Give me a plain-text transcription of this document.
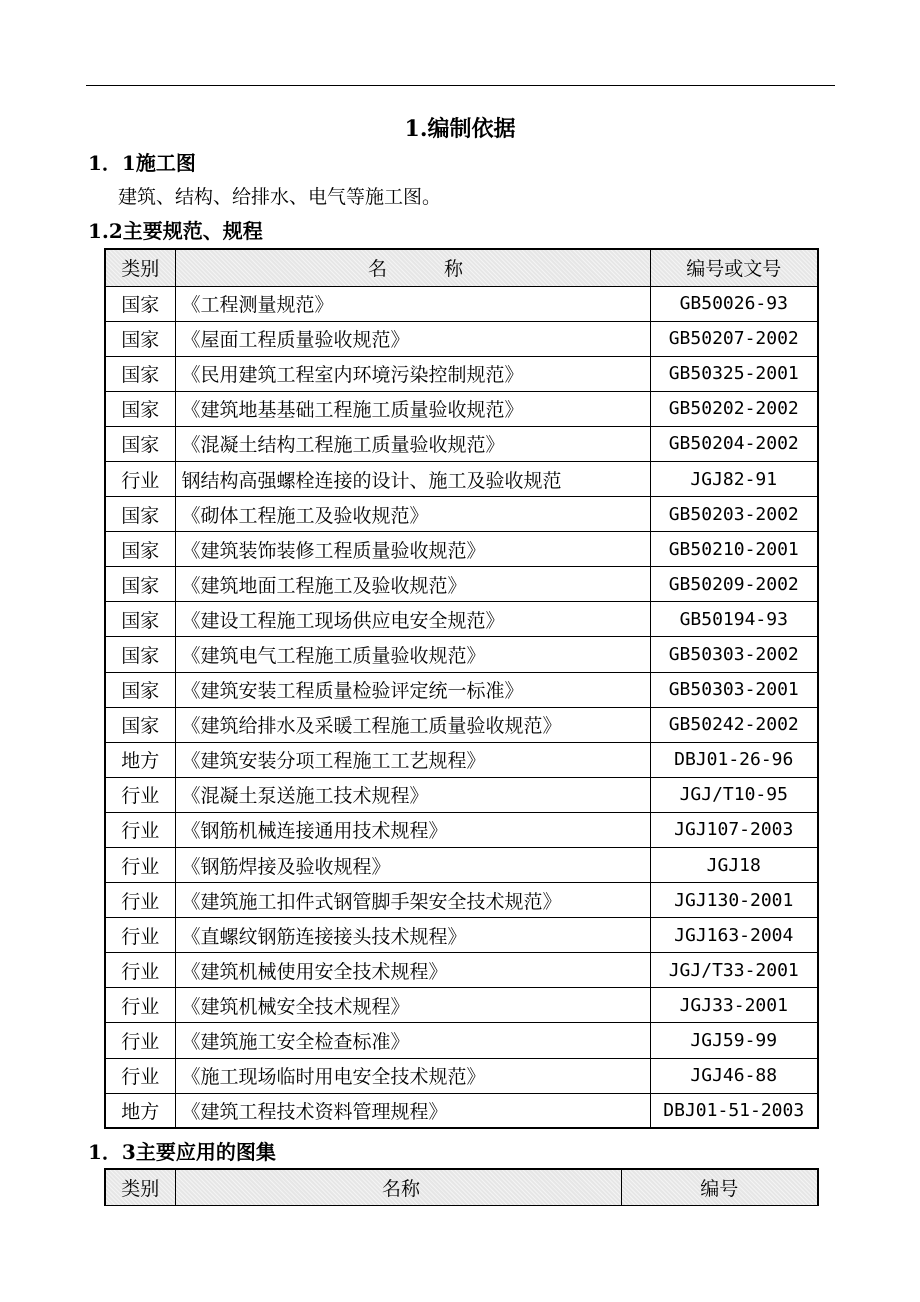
1.编制依据
1．1施工图
建筑、结构、给排水、电气等施工图。
1.2主要规范、规程
类别	名　　　称	编号或文号
国家	《工程测量规范》	GB50026-93
国家	《屋面工程质量验收规范》	GB50207-2002
国家	《民用建筑工程室内环境污染控制规范》	GB50325-2001
国家	《建筑地基基础工程施工质量验收规范》	GB50202-2002
国家	《混凝土结构工程施工质量验收规范》	GB50204-2002
行业	钢结构高强螺栓连接的设计、施工及验收规范	JGJ82-91
国家	《砌体工程施工及验收规范》	GB50203-2002
国家	《建筑装饰装修工程质量验收规范》	GB50210-2001
国家	《建筑地面工程施工及验收规范》	GB50209-2002
国家	《建设工程施工现场供应电安全规范》	GB50194-93
国家	《建筑电气工程施工质量验收规范》	GB50303-2002
国家	《建筑安装工程质量检验评定统一标准》	GB50303-2001
国家	《建筑给排水及采暖工程施工质量验收规范》	GB50242-2002
地方	《建筑安装分项工程施工工艺规程》	DBJ01-26-96
行业	《混凝土泵送施工技术规程》	JGJ/T10-95
行业	《钢筋机械连接通用技术规程》	JGJ107-2003
行业	《钢筋焊接及验收规程》	JGJ18
行业	《建筑施工扣件式钢管脚手架安全技术规范》	JGJ130-2001
行业	《直螺纹钢筋连接接头技术规程》	JGJ163-2004
行业	《建筑机械使用安全技术规程》	JGJ/T33-2001
行业	《建筑机械安全技术规程》	JGJ33-2001
行业	《建筑施工安全检查标准》	JGJ59-99
行业	《施工现场临时用电安全技术规范》	JGJ46-88
地方	《建筑工程技术资料管理规程》	DBJ01-51-2003
1．3主要应用的图集
类别	名称	编号
